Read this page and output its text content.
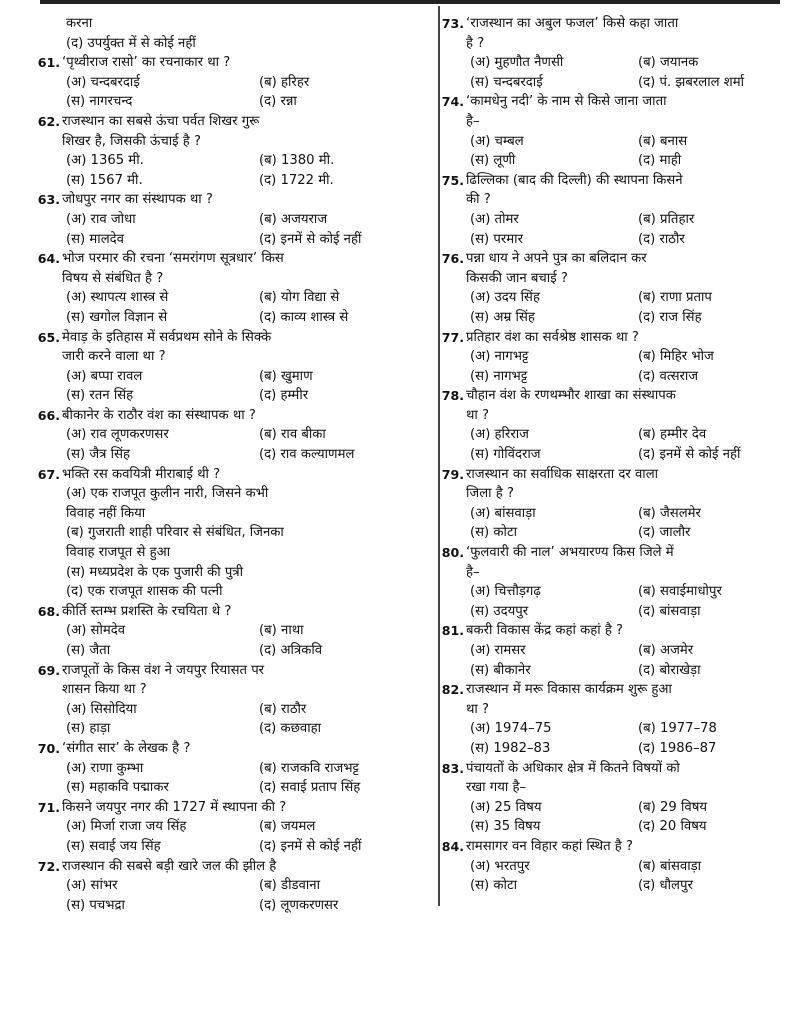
करना
(द) उपर्युक्त में से कोई नहीं
61. ‘पृथ्वीराज रासो’ का रचनाकार था ?
(अ) चन्दबरदाई	(ब) हरिहर
(स) नागरचन्द	(द) रन्ना
62. राजस्थान का सबसे ऊंचा पर्वत शिखर गुरू
शिखर है, जिसकी ऊंचाई है ?
(अ) 1365 मी.	(ब) 1380 मी.
(स) 1567 मी.	(द) 1722 मी.
63. जोधपुर नगर का संस्थापक था ?
(अ) राव जोधा	(ब) अजयराज
(स) मालदेव	(द) इनमें से कोई नहीं
64. भोज परमार की रचना ‘समरांगण सूत्रधार’ किस
विषय से संबंधित है ?
(अ) स्थापत्य शास्त्र से	(ब) योग विद्या से
(स) खगोल विज्ञान से	(द) काव्य शास्त्र से
65. मेवाड़ के इतिहास में सर्वप्रथम सोने के सिक्के
जारी करने वाला था ?
(अ) बप्पा रावल	(ब) खुमाण
(स) रतन सिंह	(द) हम्मीर
66. बीकानेर के राठौर वंश का संस्थापक था ?
(अ) राव लूणकरणसर	(ब) राव बीका
(स) जैत्र सिंह	(द) राव कल्याणमल
67. भक्ति रस कवयित्री मीराबाई थी ?
(अ) एक राजपूत कुलीन नारी, जिसने कभी
विवाह नहीं किया
(ब) गुजराती शाही परिवार से संबंधित, जिनका
विवाह राजपूत से हुआ
(स) मध्यप्रदेश के एक पुजारी की पुत्री
(द) एक राजपूत शासक की पत्नी
68. कीर्ति स्तम्भ प्रशस्ति के रचयिता थे ?
(अ) सोमदेव	(ब) नाथा
(स) जैता	(द) अत्रिकवि
69. राजपूतों के किस वंश ने जयपुर रियासत पर
शासन किया था ?
(अ) सिसोदिया	(ब) राठौर
(स) हाड़ा	(द) कछवाहा
70. ‘संगीत सार’ के लेखक है ?
(अ) राणा कुम्भा	(ब) राजकवि राजभट्ट
(स) महाकवि पद्माकर	(द) सवाई प्रताप सिंह
71. किसने जयपुर नगर की 1727 में स्थापना की ?
(अ) मिर्जा राजा जय सिंह	(ब) जयमल
(स) सवाई जय सिंह	(द) इनमें से कोई नहीं
72. राजस्थान की सबसे बड़ी खारे जल की झील है
(अ) सांभर	(ब) डीडवाना
(स) पचभद्रा	(द) लूणकरणसर
73. ‘राजस्थान का अबुल फजल’ किसे कहा जाता
है ?
(अ) मुहणौत नैणसी	(ब) जयानक
(स) चन्दबरदाई	(द) पं. झबरलाल शर्मा
74. ‘कामधेनु नदी’ के नाम से किसे जाना जाता
है–
(अ) चम्बल	(ब) बनास
(स) लूणी	(द) माही
75. ढिल्लिका (बाद की दिल्ली) की स्थापना किसने
की ?
(अ) तोमर	(ब) प्रतिहार
(स) परमार	(द) राठौर
76. पन्ना धाय ने अपने पुत्र का बलिदान कर
किसकी जान बचाई ?
(अ) उदय सिंह	(ब) राणा प्रताप
(स) अम्र सिंह	(द) राज सिंह
77. प्रतिहार वंश का सर्वश्रेष्ठ शासक था ?
(अ) नागभट्ट	(ब) मिहिर भोज
(स) नागभट्ट	(द) वत्सराज
78. चौहान वंश के रणथम्भौर शाखा का संस्थापक
था ?
(अ) हरिराज	(ब) हम्मीर देव
(स) गोविंदराज	(द) इनमें से कोई नहीं
79. राजस्थान का सर्वाधिक साक्षरता दर वाला
जिला है ?
(अ) बांसवाड़ा	(ब) जैसलमेर
(स) कोटा	(द) जालौर
80. ‘फुलवारी की नाल’ अभयारण्य किस जिले में
है–
(अ) चित्तौड़गढ़	(ब) सवाईमाधोपुर
(स) उदयपुर	(द) बांसवाड़ा
81. बकरी विकास केंद्र कहां कहां है ?
(अ) रामसर	(ब) अजमेर
(स) बीकानेर	(द) बोराखेड़ा
82. राजस्थान में मरू विकास कार्यक्रम शुरू हुआ
था ?
(अ) 1974–75	(ब) 1977–78
(स) 1982–83	(द) 1986–87
83. पंचायतों के अधिकार क्षेत्र में कितने विषयों को
रखा गया है–
(अ) 25 विषय	(ब) 29 विषय
(स) 35 विषय	(द) 20 विषय
84. रामसागर वन विहार कहां स्थित है ?
(अ) भरतपुर	(ब) बांसवाड़ा
(स) कोटा	(द) धौलपुर
